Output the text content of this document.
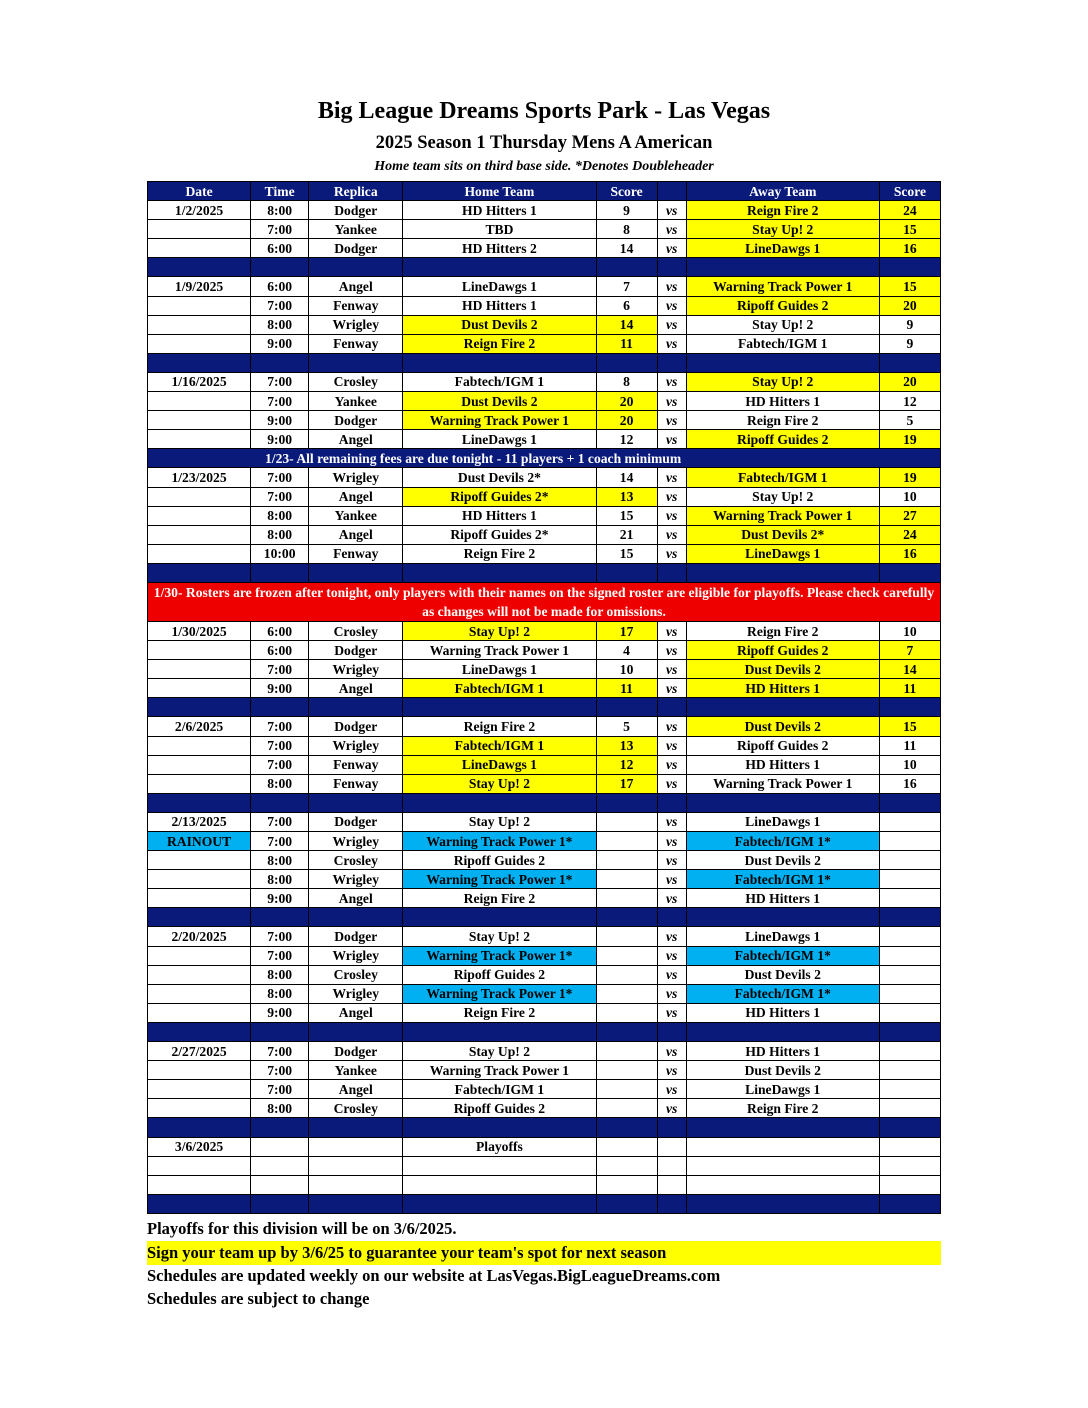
Big League Dreams Sports Park - Las Vegas
2025 Season 1 Thursday Mens A American
Home team sits on third base side. *Denotes Doubleheader
Date	Time	Replica	Home Team	Score		Away Team	Score
1/2/2025	8:00	Dodger	HD Hitters 1	9	vs	Reign Fire 2	24
	7:00	Yankee	TBD	8	vs	Stay Up! 2	15
	6:00	Dodger	HD Hitters 2	14	vs	LineDawgs 1	16

1/9/2025	6:00	Angel	LineDawgs 1	7	vs	Warning Track Power 1	15
	7:00	Fenway	HD Hitters 1	6	vs	Ripoff Guides 2	20
	8:00	Wrigley	Dust Devils 2	14	vs	Stay Up! 2	9
	9:00	Fenway	Reign Fire 2	11	vs	Fabtech/IGM 1	9

1/16/2025	7:00	Crosley	Fabtech/IGM 1	8	vs	Stay Up! 2	20
	7:00	Yankee	Dust Devils 2	20	vs	HD Hitters 1	12
	9:00	Dodger	Warning Track Power 1	20	vs	Reign Fire 2	5
	9:00	Angel	LineDawgs 1	12	vs	Ripoff Guides 2	19
1/23- All remaining fees are due tonight - 11 players + 1 coach minimum							
1/23/2025	7:00	Wrigley	Dust Devils 2*	14	vs	Fabtech/IGM 1	19
	7:00	Angel	Ripoff Guides 2*	13	vs	Stay Up! 2	10
	8:00	Yankee	HD Hitters 1	15	vs	Warning Track Power 1	27
	8:00	Angel	Ripoff Guides 2*	21	vs	Dust Devils 2*	24
	10:00	Fenway	Reign Fire 2	15	vs	LineDawgs 1	16

1/30- Rosters are frozen after tonight, only players with their names on the signed roster are eligible for playoffs. Please check carefully as changes will not be made for omissions.							
1/30/2025	6:00	Crosley	Stay Up! 2	17	vs	Reign Fire 2	10
	6:00	Dodger	Warning Track Power 1	4	vs	Ripoff Guides 2	7
	7:00	Wrigley	LineDawgs 1	10	vs	Dust Devils 2	14
	9:00	Angel	Fabtech/IGM 1	11	vs	HD Hitters 1	11

2/6/2025	7:00	Dodger	Reign Fire 2	5	vs	Dust Devils 2	15
	7:00	Wrigley	Fabtech/IGM 1	13	vs	Ripoff Guides 2	11
	7:00	Fenway	LineDawgs 1	12	vs	HD Hitters 1	10
	8:00	Fenway	Stay Up! 2	17	vs	Warning Track Power 1	16

2/13/2025	7:00	Dodger	Stay Up! 2		vs	LineDawgs 1	
RAINOUT	7:00	Wrigley	Warning Track Power 1*		vs	Fabtech/IGM 1*	
	8:00	Crosley	Ripoff Guides 2		vs	Dust Devils 2	
	8:00	Wrigley	Warning Track Power 1*		vs	Fabtech/IGM 1*	
	9:00	Angel	Reign Fire 2		vs	HD Hitters 1	

2/20/2025	7:00	Dodger	Stay Up! 2		vs	LineDawgs 1	
	7:00	Wrigley	Warning Track Power 1*		vs	Fabtech/IGM 1*	
	8:00	Crosley	Ripoff Guides 2		vs	Dust Devils 2	
	8:00	Wrigley	Warning Track Power 1*		vs	Fabtech/IGM 1*	
	9:00	Angel	Reign Fire 2		vs	HD Hitters 1	

2/27/2025	7:00	Dodger	Stay Up! 2		vs	HD Hitters 1	
	7:00	Yankee	Warning Track Power 1		vs	Dust Devils 2	
	7:00	Angel	Fabtech/IGM 1		vs	LineDawgs 1	
	8:00	Crosley	Ripoff Guides 2		vs	Reign Fire 2	

3/6/2025			Playoffs				

Playoffs for this division will be on 3/6/2025.
Sign your team up by 3/6/25 to guarantee your team's spot for next season
Schedules are updated weekly on our website at LasVegas.BigLeagueDreams.com
Schedules are subject to change
